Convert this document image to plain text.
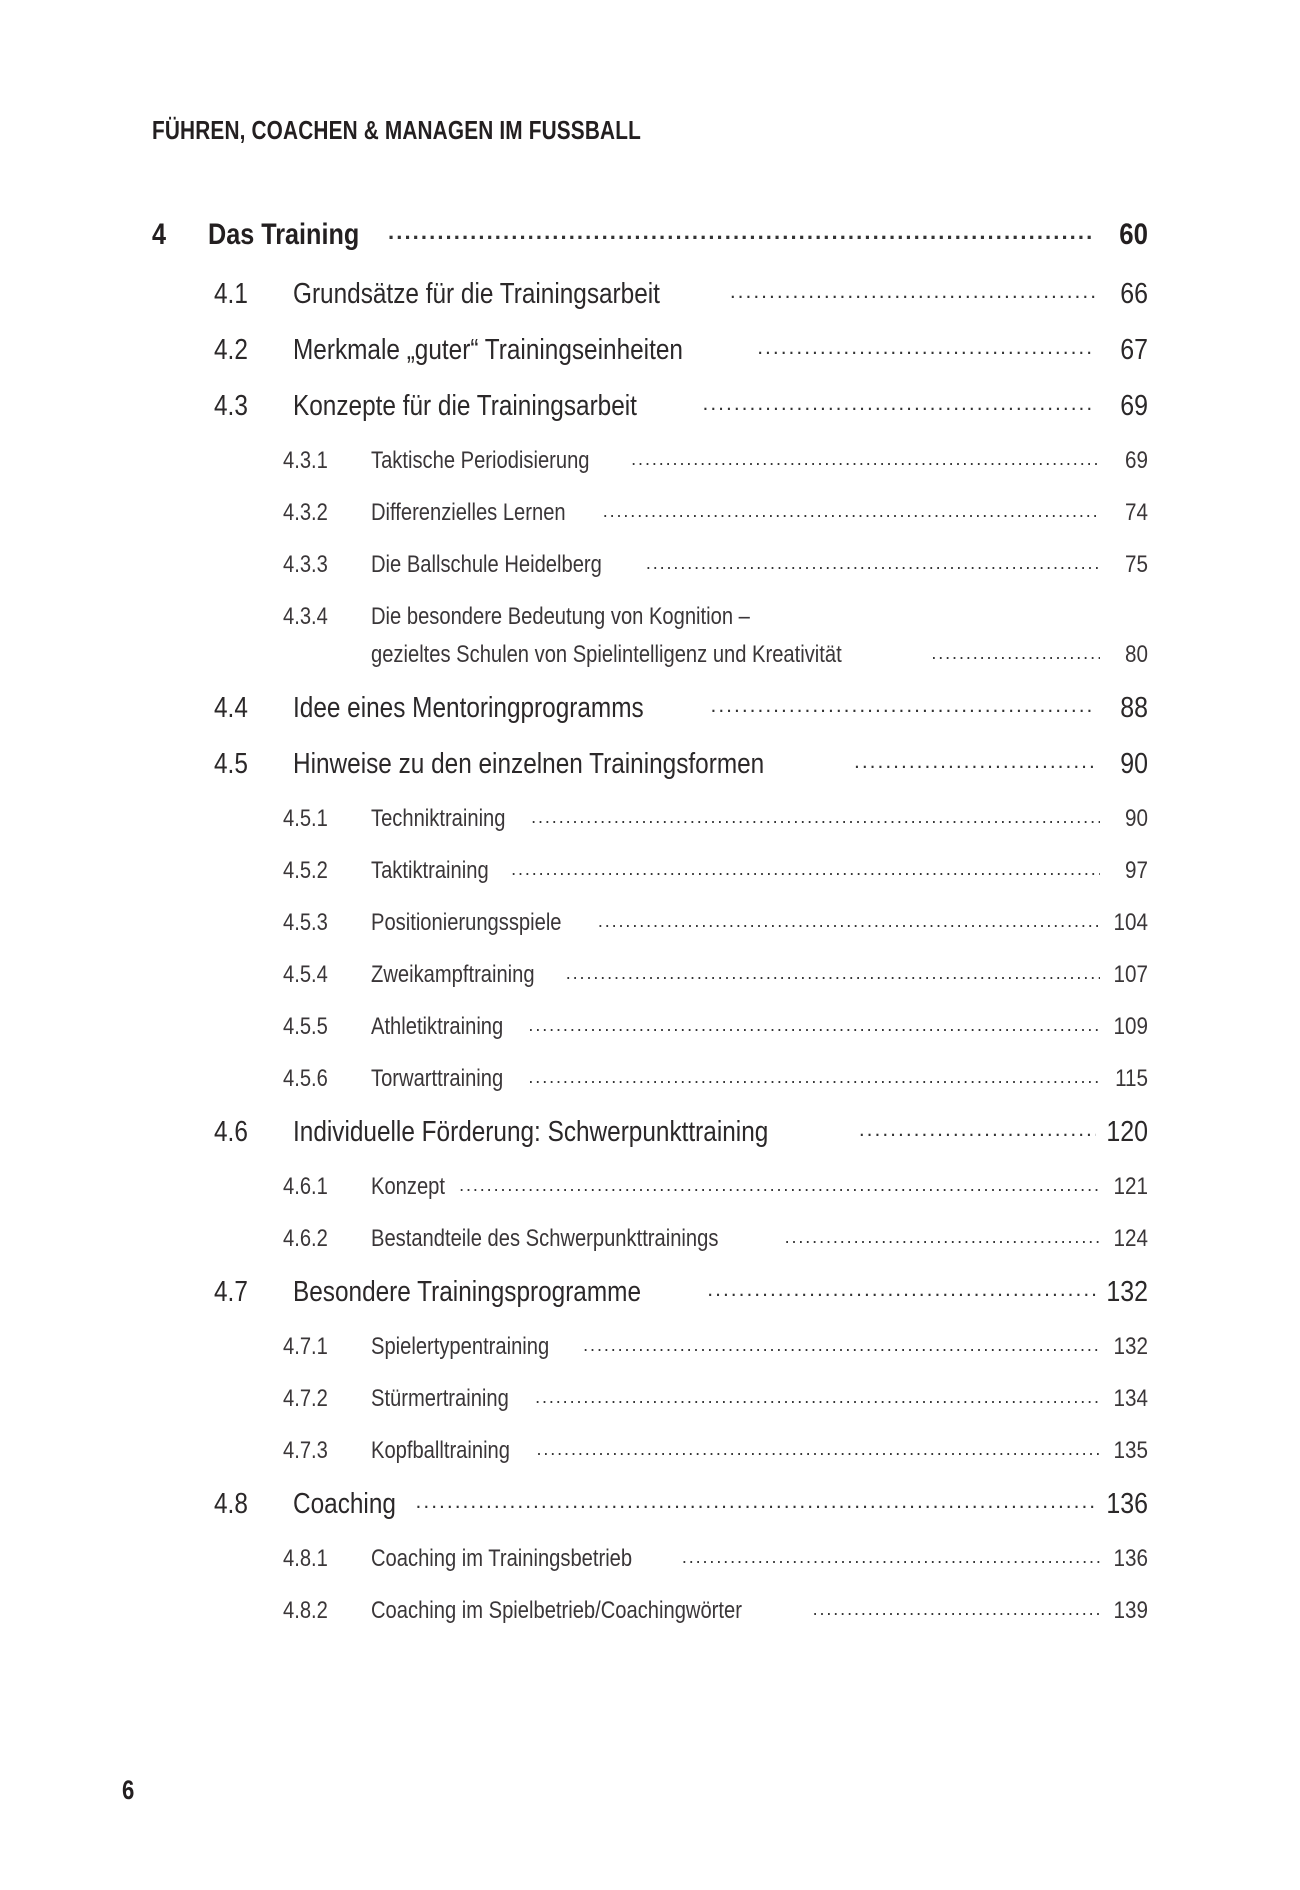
FÜHREN, COACHEN & MANAGEN IM FUSSBALL
4	Das Training .....	60
4.1	Grundsätze für die Trainingsarbeit .....	66
4.2	Merkmale „guter“ Trainingseinheiten .....	67
4.3	Konzepte für die Trainingsarbeit .....	69
4.3.1	Taktische Periodisierung .....	69
4.3.2	Differenzielles Lernen .....	74
4.3.3	Die Ballschule Heidelberg .....	75
4.3.4	Die besondere Bedeutung von Kognition –
gezieltes Schulen von Spielintelligenz und Kreativität .....	80
4.4	Idee eines Mentoringprogramms .....	88
4.5	Hinweise zu den einzelnen Trainingsformen .....	90
4.5.1	Techniktraining .....	90
4.5.2	Taktiktraining .....	97
4.5.3	Positionierungsspiele .....	104
4.5.4	Zweikampftraining .....	107
4.5.5	Athletiktraining .....	109
4.5.6	Torwarttraining .....	115
4.6	Individuelle Förderung: Schwerpunkttraining .....	120
4.6.1	Konzept .....	121
4.6.2	Bestandteile des Schwerpunkttrainings .....	124
4.7	Besondere Trainingsprogramme .....	132
4.7.1	Spielertypentraining .....	132
4.7.2	Stürmertraining .....	134
4.7.3	Kopfballtraining .....	135
4.8	Coaching .....	136
4.8.1	Coaching im Trainingsbetrieb .....	136
4.8.2	Coaching im Spielbetrieb/Coachingwörter .....	139
6
